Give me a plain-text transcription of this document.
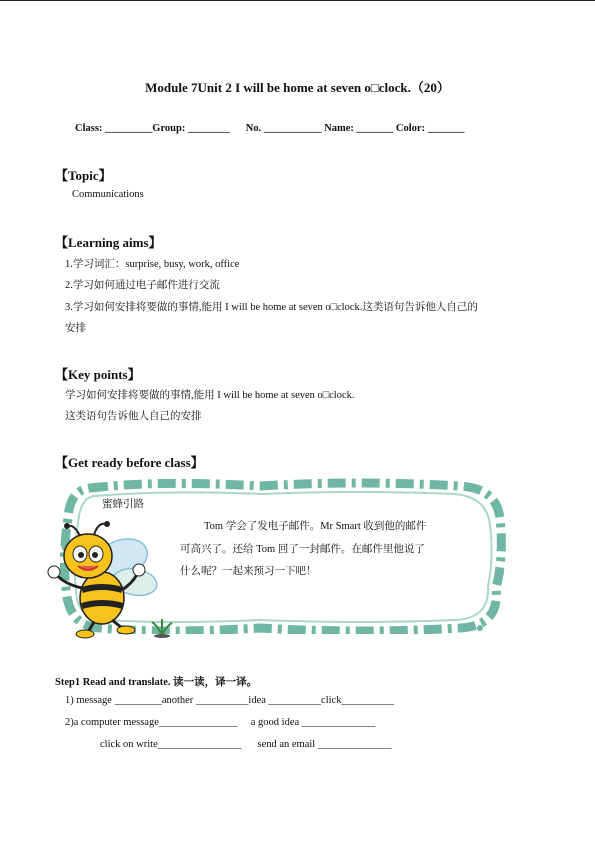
Module 7Unit 2 I will be home at seven o□clock.（20）
Class: _________Group: ________      No. ___________ Name: _______ Color: _______
【Topic】
Communications
【Learning aims】
1.学习词汇：surprise, busy, work, office
2.学习如何通过电子邮件进行交流
3.学习如何安排将要做的事情,能用 I will be home at seven o□clock.这类语句告诉他人自己的
安排
【Key points】
学习如何安排将要做的事情,能用 I will be home at seven o□clock.
这类语句告诉他人自己的安排
【Get ready before class】
蜜蜂引路
Tom 学会了发电子邮件。Mr Smart 收到他的邮件
可高兴了。还给 Tom 回了一封邮件。在邮件里他说了
什么呢？一起来预习一下吧！
Step1 Read and translate. 读一读，译一译。
1) message _________another __________idea __________click__________
2)a computer message_______________     a good idea ______________
click on write________________      send an email ______________
